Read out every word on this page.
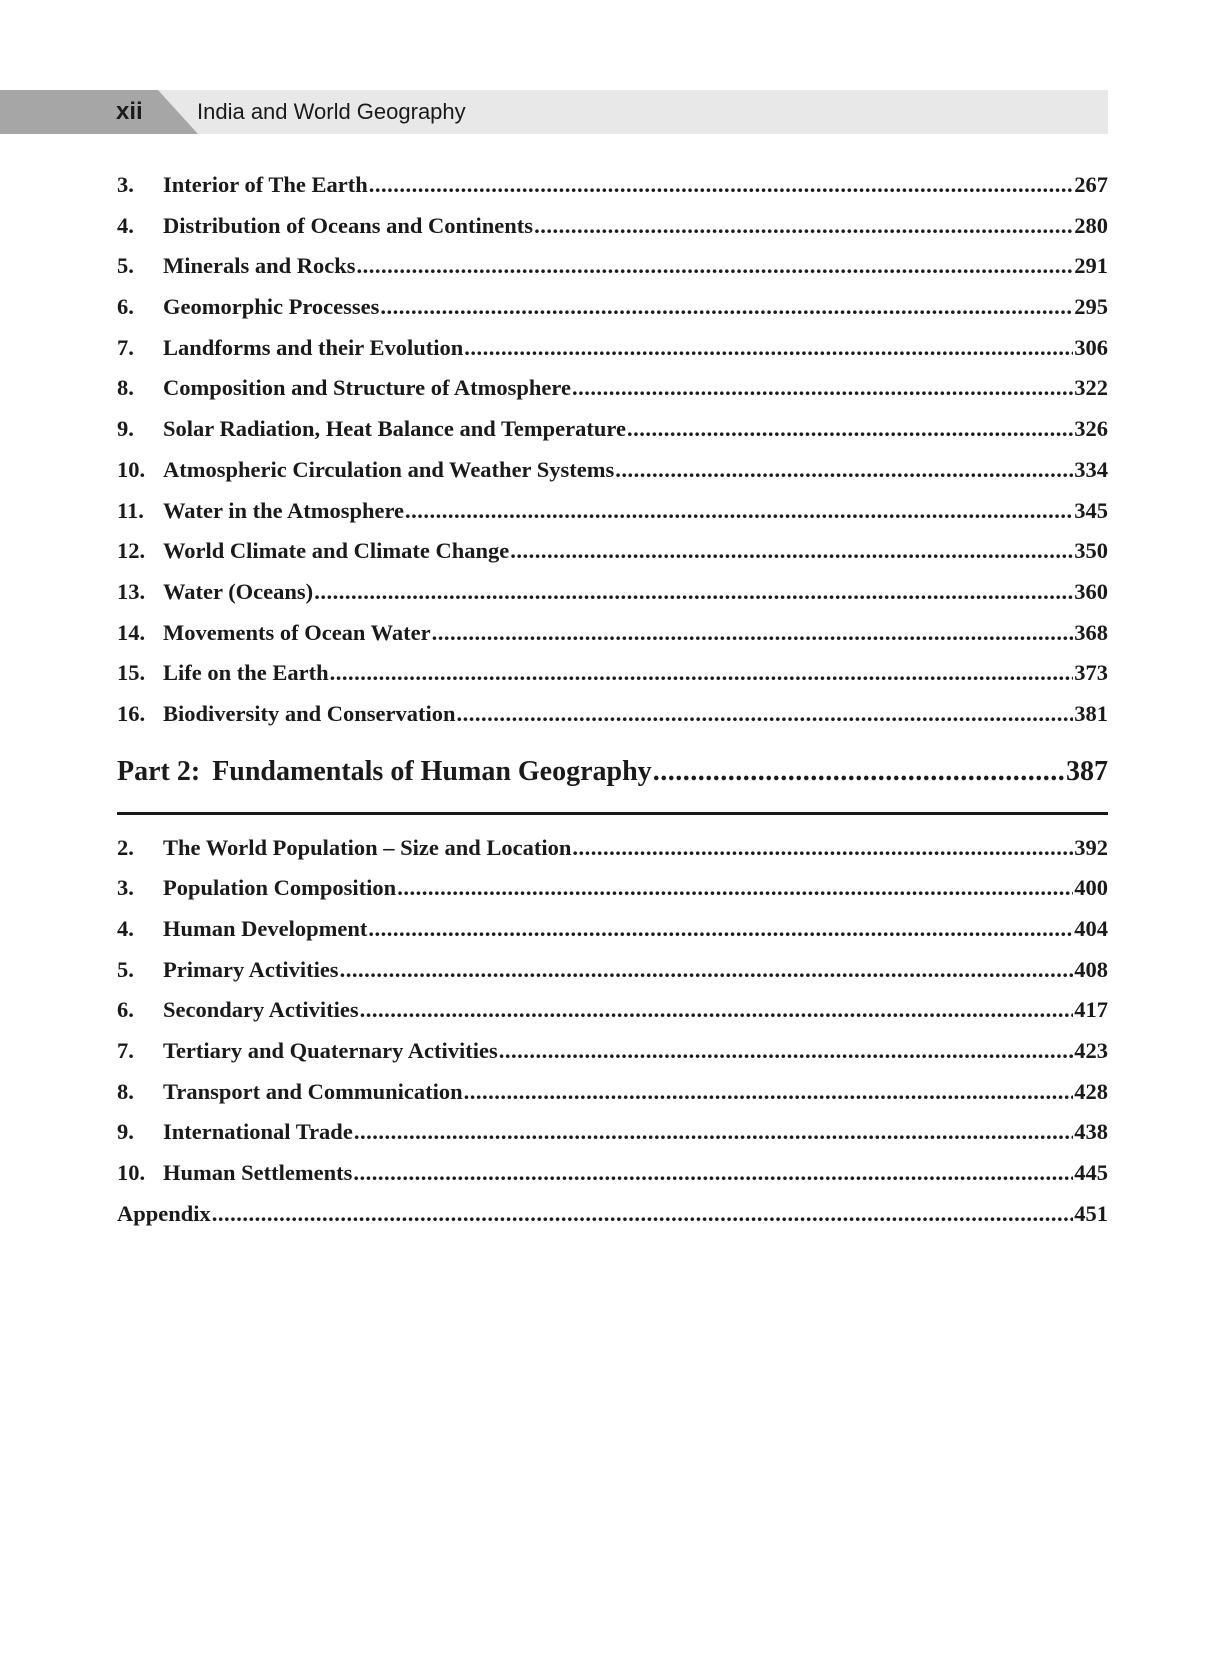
xii India and World Geography
3.	Interior of The Earth .....	267
4.	Distribution of Oceans and Continents .....	280
5.	Minerals and Rocks .....	291
6.	Geomorphic Processes .....	295
7.	Landforms and their Evolution .....	306
8.	Composition and Structure of Atmosphere .....	322
9.	Solar Radiation, Heat Balance and Temperature .....	326
10. Atmospheric Circulation and Weather Systems .....	334
11. Water in the Atmosphere .....	345
12. World Climate and Climate Change .....	350
13. Water (Oceans) .....	360
14. Movements of Ocean Water .....	368
15. Life on the Earth .....	373
16. Biodiversity and Conservation .....	381
Part 2: Fundamentals of Human Geography .....	387
2.	The World Population – Size and Location .....	392
3.	Population Composition .....	400
4.	Human Development .....	404
5.	Primary Activities .....	408
6.	Secondary Activities .....	417
7.	Tertiary and Quaternary Activities .....	423
8.	Transport and Communication .....	428
9.	International Trade .....	438
10. Human Settlements .....	445
Appendix .....	451
